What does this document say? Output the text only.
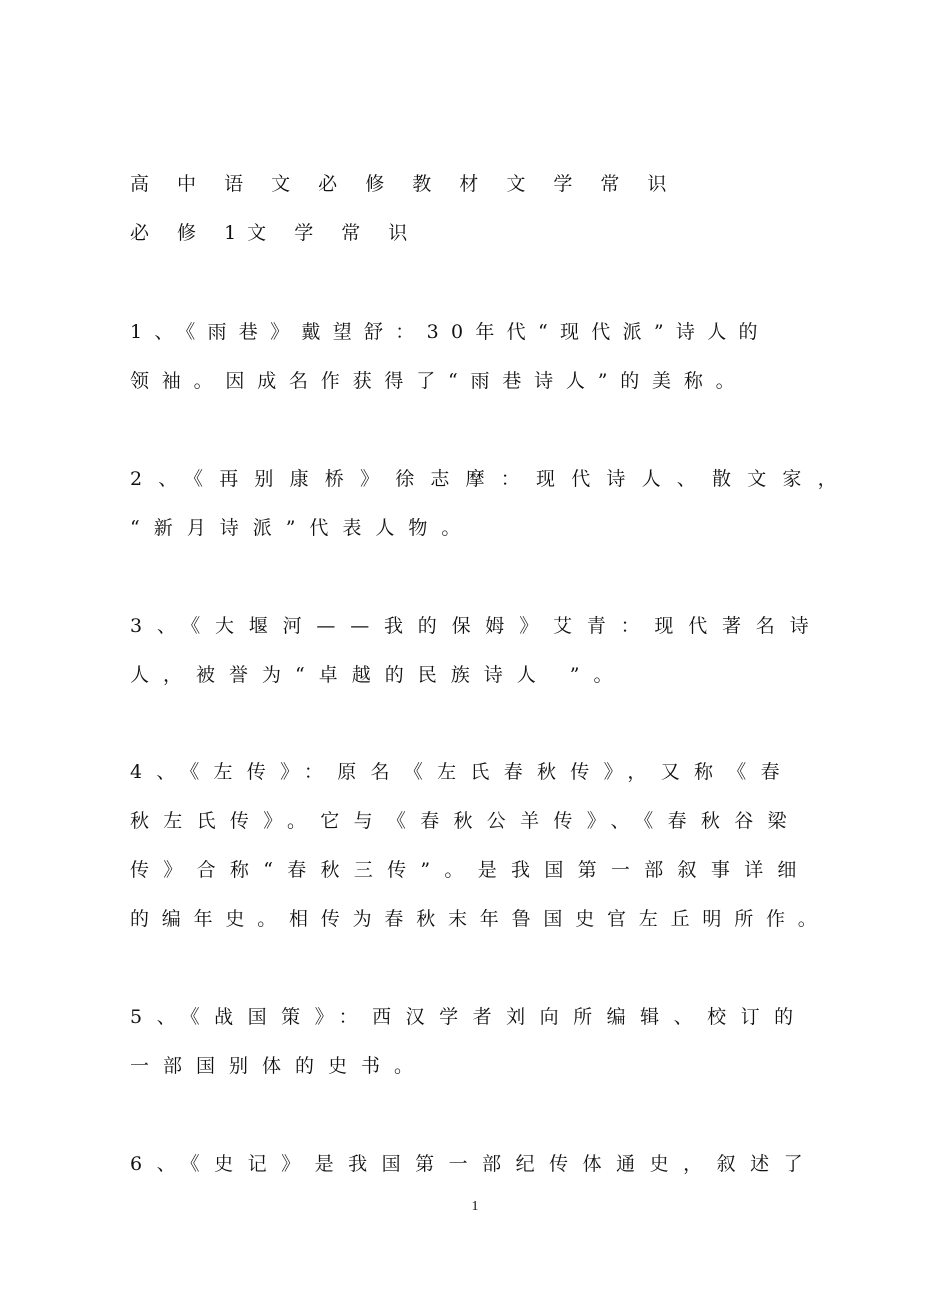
高 中 语 文 必 修 教 材 文 学 常 识
必 修 1文 学 常 识
1、《雨巷》戴望舒：30年代“现代派”诗人的
领袖。因成名作获得了“雨巷诗人”的美称。
2、《再别康桥》徐志摩：现代诗人、散文家，
“新月诗派”代表人物。
3、《大堰河——我的保姆》艾青：现代著名诗
人，被誉为“卓越的民族诗人 ”。
4、《左传》：原名《左氏春秋传》，又称《春
秋左氏传》。它与《春秋公羊传》、《春秋谷梁
传》合称“春秋三传”。是我国第一部叙事详细
的编年史。相传为春秋末年鲁国史官左丘明所作。
5、《战国策》：西汉学者刘向所编辑、校订的
一部国别体的史书。
6、《史记》是我国第一部纪传体通史，叙述了
1
